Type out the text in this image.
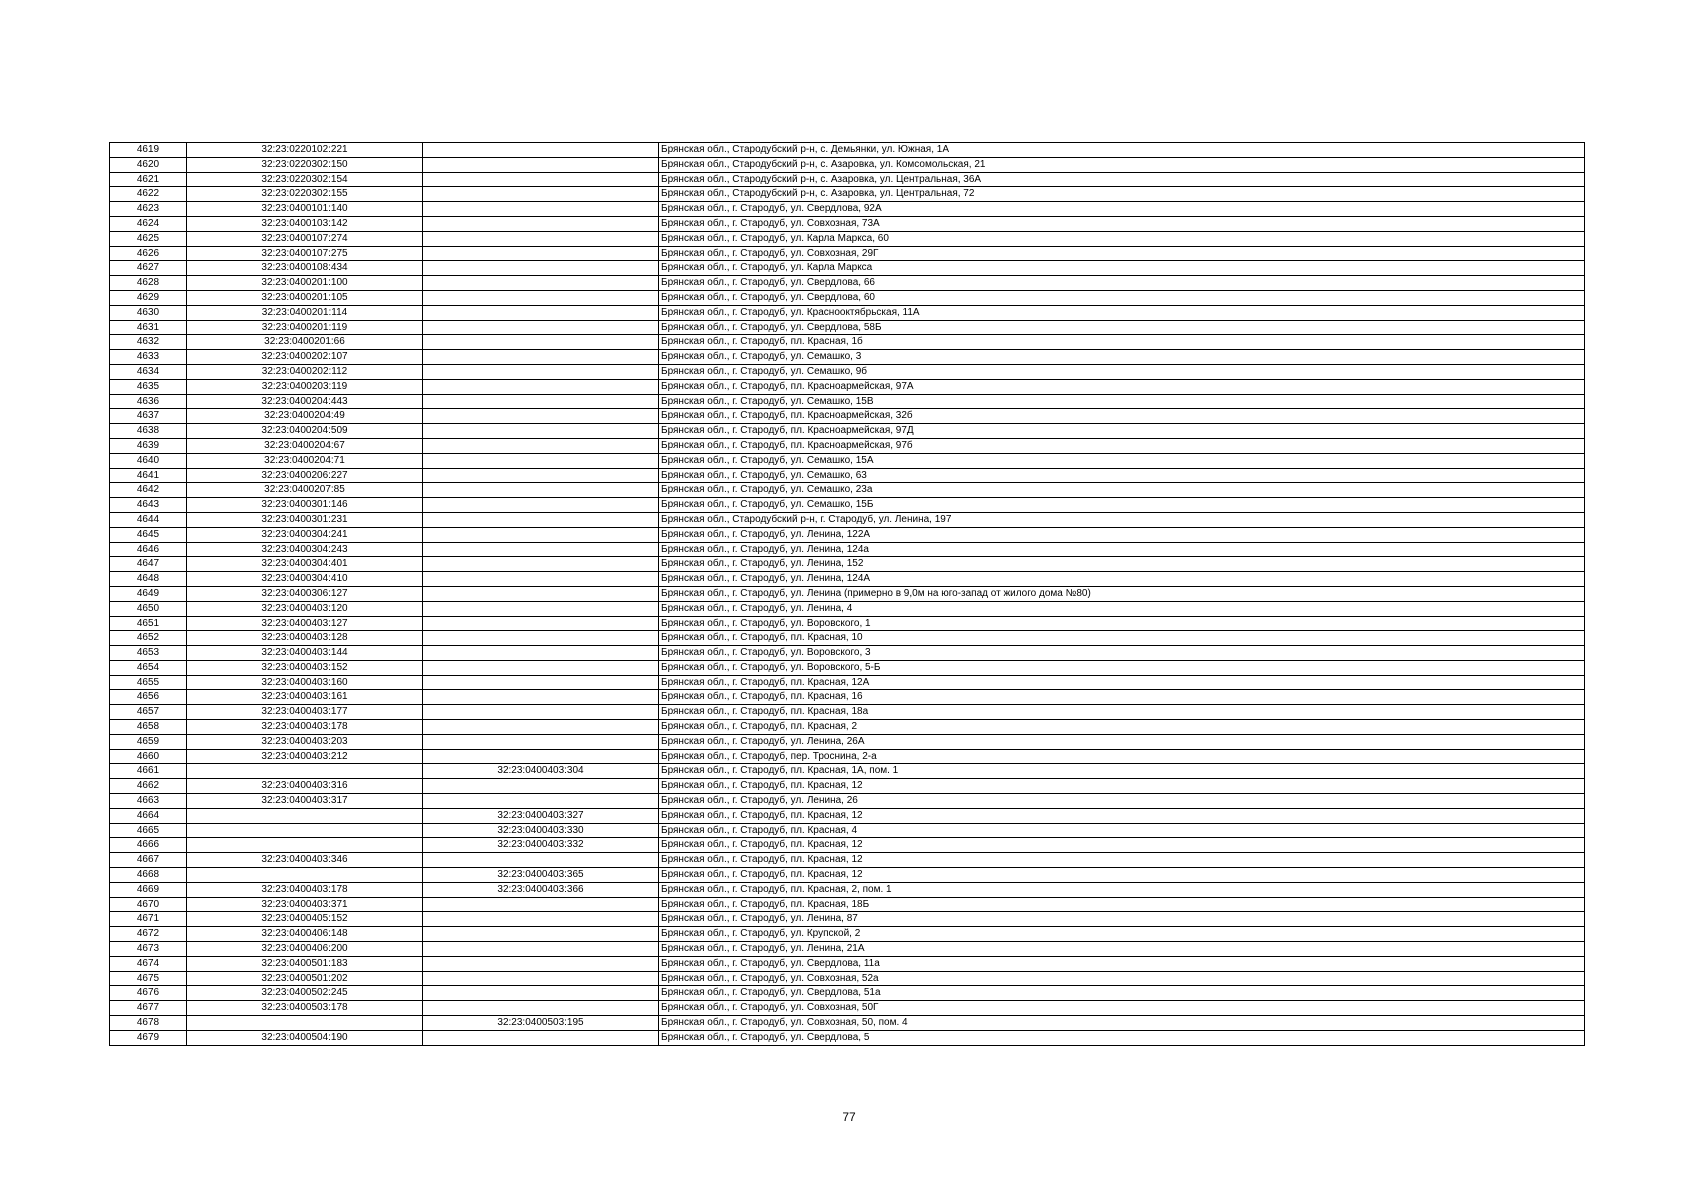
4619	32:23:0220102:221		Брянская обл., Стародубский р-н, с. Демьянки, ул. Южная, 1А
4620	32:23:0220302:150		Брянская обл., Стародубский р-н, с. Азаровка, ул. Комсомольская, 21
4621	32:23:0220302:154		Брянская обл., Стародубский р-н, с. Азаровка, ул. Центральная, 36А
4622	32:23:0220302:155		Брянская обл., Стародубский р-н, с. Азаровка, ул. Центральная, 72
4623	32:23:0400101:140		Брянская обл., г. Стародуб, ул. Свердлова, 92А
4624	32:23:0400103:142		Брянская обл., г. Стародуб, ул. Совхозная, 73А
4625	32:23:0400107:274		Брянская обл., г. Стародуб, ул. Карла Маркса, 60
4626	32:23:0400107:275		Брянская обл., г. Стародуб, ул. Совхозная, 29Г
4627	32:23:0400108:434		Брянская обл., г. Стародуб, ул. Карла Маркса
4628	32:23:0400201:100		Брянская обл., г. Стародуб, ул. Свердлова, 66
4629	32:23:0400201:105		Брянская обл., г. Стародуб, ул. Свердлова, 60
4630	32:23:0400201:114		Брянская обл., г. Стародуб, ул. Краснооктябрьская, 11А
4631	32:23:0400201:119		Брянская обл., г. Стародуб, ул. Свердлова, 58Б
4632	32:23:0400201:66		Брянская обл., г. Стародуб, пл. Красная, 1б
4633	32:23:0400202:107		Брянская обл., г. Стародуб, ул. Семашко, 3
4634	32:23:0400202:112		Брянская обл., г. Стародуб, ул. Семашко, 9б
4635	32:23:0400203:119		Брянская обл., г. Стародуб, пл. Красноармейская, 97А
4636	32:23:0400204:443		Брянская обл., г. Стародуб, ул. Семашко, 15В
4637	32:23:0400204:49		Брянская обл., г. Стародуб, пл. Красноармейская, 32б
4638	32:23:0400204:509		Брянская обл., г. Стародуб, пл. Красноармейская, 97Д
4639	32:23:0400204:67		Брянская обл., г. Стародуб, пл. Красноармейская, 97б
4640	32:23:0400204:71		Брянская обл., г. Стародуб, ул. Семашко, 15А
4641	32:23:0400206:227		Брянская обл., г. Стародуб, ул. Семашко, 63
4642	32:23:0400207:85		Брянская обл., г. Стародуб, ул. Семашко, 23а
4643	32:23:0400301:146		Брянская обл., г. Стародуб, ул. Семашко, 15Б
4644	32:23:0400301:231		Брянская обл., Стародубский р-н, г. Стародуб, ул. Ленина, 197
4645	32:23:0400304:241		Брянская обл., г. Стародуб, ул. Ленина, 122А
4646	32:23:0400304:243		Брянская обл., г. Стародуб, ул. Ленина, 124а
4647	32:23:0400304:401		Брянская обл., г. Стародуб, ул. Ленина, 152
4648	32:23:0400304:410		Брянская обл., г. Стародуб, ул. Ленина, 124А
4649	32:23:0400306:127		Брянская обл., г. Стародуб, ул. Ленина (примерно в 9,0м на юго-запад от жилого дома №80)
4650	32:23:0400403:120		Брянская обл., г. Стародуб, ул. Ленина, 4
4651	32:23:0400403:127		Брянская обл., г. Стародуб, ул. Воровского, 1
4652	32:23:0400403:128		Брянская обл., г. Стародуб, пл. Красная, 10
4653	32:23:0400403:144		Брянская обл., г. Стародуб, ул. Воровского, 3
4654	32:23:0400403:152		Брянская обл., г. Стародуб, ул. Воровского, 5-Б
4655	32:23:0400403:160		Брянская обл., г. Стародуб, пл. Красная, 12А
4656	32:23:0400403:161		Брянская обл., г. Стародуб, пл. Красная, 16
4657	32:23:0400403:177		Брянская обл., г. Стародуб, пл. Красная, 18а
4658	32:23:0400403:178		Брянская обл., г. Стародуб, пл. Красная, 2
4659	32:23:0400403:203		Брянская обл., г. Стародуб, ул. Ленина, 26А
4660	32:23:0400403:212		Брянская обл., г. Стародуб, пер. Троснина, 2-а
4661		32:23:0400403:304	Брянская обл., г. Стародуб, пл. Красная, 1А, пом. 1
4662	32:23:0400403:316		Брянская обл., г. Стародуб, пл. Красная, 12
4663	32:23:0400403:317		Брянская обл., г. Стародуб, ул. Ленина, 26
4664		32:23:0400403:327	Брянская обл., г. Стародуб, пл. Красная, 12
4665		32:23:0400403:330	Брянская обл., г. Стародуб, пл. Красная, 4
4666		32:23:0400403:332	Брянская обл., г. Стародуб, пл. Красная, 12
4667	32:23:0400403:346		Брянская обл., г. Стародуб, пл. Красная, 12
4668		32:23:0400403:365	Брянская обл., г. Стародуб, пл. Красная, 12
4669	32:23:0400403:178	32:23:0400403:366	Брянская обл., г. Стародуб, пл. Красная, 2, пом. 1
4670	32:23:0400403:371		Брянская обл., г. Стародуб, пл. Красная, 18Б
4671	32:23:0400405:152		Брянская обл., г. Стародуб, ул. Ленина, 87
4672	32:23:0400406:148		Брянская обл., г. Стародуб, ул. Крупской, 2
4673	32:23:0400406:200		Брянская обл., г. Стародуб, ул. Ленина, 21А
4674	32:23:0400501:183		Брянская обл., г. Стародуб, ул. Свердлова, 11а
4675	32:23:0400501:202		Брянская обл., г. Стародуб, ул. Совхозная, 52а
4676	32:23:0400502:245		Брянская обл., г. Стародуб, ул. Свердлова, 51а
4677	32:23:0400503:178		Брянская обл., г. Стародуб, ул. Совхозная, 50Г
4678		32:23:0400503:195	Брянская обл., г. Стародуб, ул. Совхозная, 50, пом. 4
4679	32:23:0400504:190		Брянская обл., г. Стародуб, ул. Свердлова, 5
77
